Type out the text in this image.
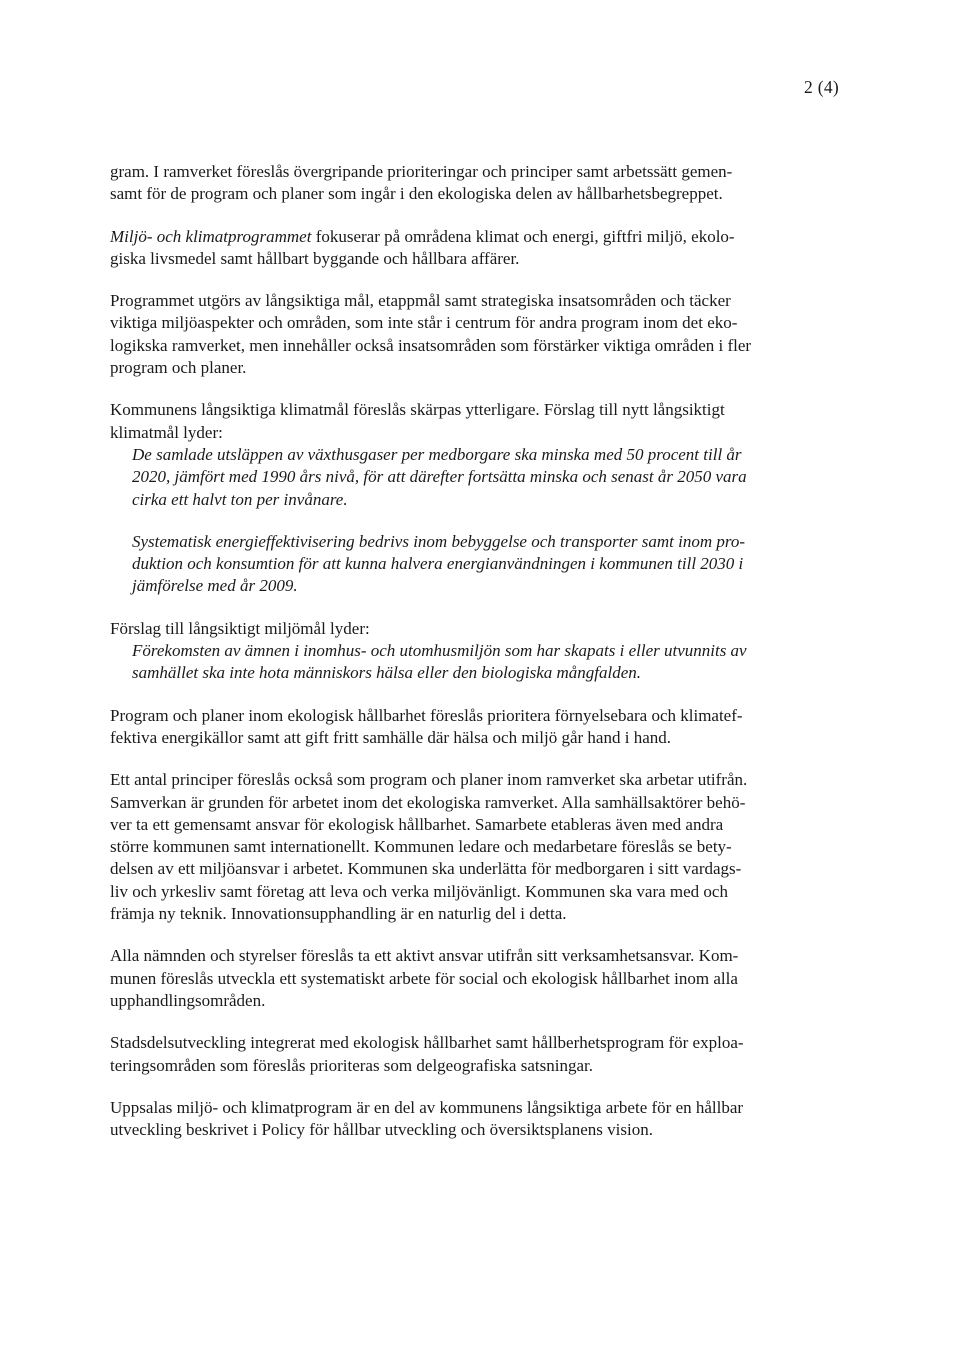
2 (4)
gram. I ramverket föreslås övergripande prioriteringar och principer samt arbetssätt gemen-
samt för de program och planer som ingår i den ekologiska delen av hållbarhetsbegreppet.
Miljö- och klimatprogrammet fokuserar på områdena klimat och energi, giftfri miljö, ekolo-
giska livsmedel samt hållbart byggande och hållbara affärer.
Programmet utgörs av långsiktiga mål, etappmål samt strategiska insatsområden och täcker
viktiga miljöaspekter och områden, som inte står i centrum för andra program inom det eko-
logikska ramverket, men innehåller också insatsområden som förstärker viktiga områden i fler
program och planer.
Kommunens långsiktiga klimatmål föreslås skärpas ytterligare. Förslag till nytt långsiktigt
klimatmål lyder:
De samlade utsläppen av växthusgaser per medborgare ska minska med 50 procent till år
2020, jämfört med 1990 års nivå, för att därefter fortsätta minska och senast år 2050 vara
cirka ett halvt ton per invånare.
Systematisk energieffektivisering bedrivs inom bebyggelse och transporter samt inom pro-
duktion och konsumtion för att kunna halvera energianvändningen i kommunen till 2030 i
jämförelse med år 2009.
Förslag till långsiktigt miljömål lyder:
Förekomsten av ämnen i inomhus- och utomhusmiljön som har skapats i eller utvunnits av
samhället ska inte hota människors hälsa eller den biologiska mångfalden.
Program och planer inom ekologisk hållbarhet föreslås prioritera förnyelsebara och klimatef-
fektiva energikällor samt att gift fritt samhälle där hälsa och miljö går hand i hand.
Ett antal principer föreslås också som program och planer inom ramverket ska arbetar utifrån.
Samverkan är grunden för arbetet inom det ekologiska ramverket. Alla samhällsaktörer behö-
ver ta ett gemensamt ansvar för ekologisk hållbarhet. Samarbete etableras även med andra
större kommunen samt internationellt. Kommunen ledare och medarbetare föreslås se bety-
delsen av ett miljöansvar i arbetet. Kommunen ska underlätta för medborgaren i sitt vardags-
liv och yrkesliv samt företag att leva och verka miljövänligt. Kommunen ska vara med och
främja ny teknik. Innovationsupphandling är en naturlig del i detta.
Alla nämnden och styrelser föreslås ta ett aktivt ansvar utifrån sitt verksamhetsansvar. Kom-
munen föreslås utveckla ett systematiskt arbete för social och ekologisk hållbarhet inom alla
upphandlingsområden.
Stadsdelsutveckling integrerat med ekologisk hållbarhet samt hållberhetsprogram för exploa-
teringsområden som föreslås prioriteras som delgeografiska satsningar.
Uppsalas miljö- och klimatprogram är en del av kommunens långsiktiga arbete för en hållbar
utveckling beskrivet i Policy för hållbar utveckling och översiktsplanens vision.
